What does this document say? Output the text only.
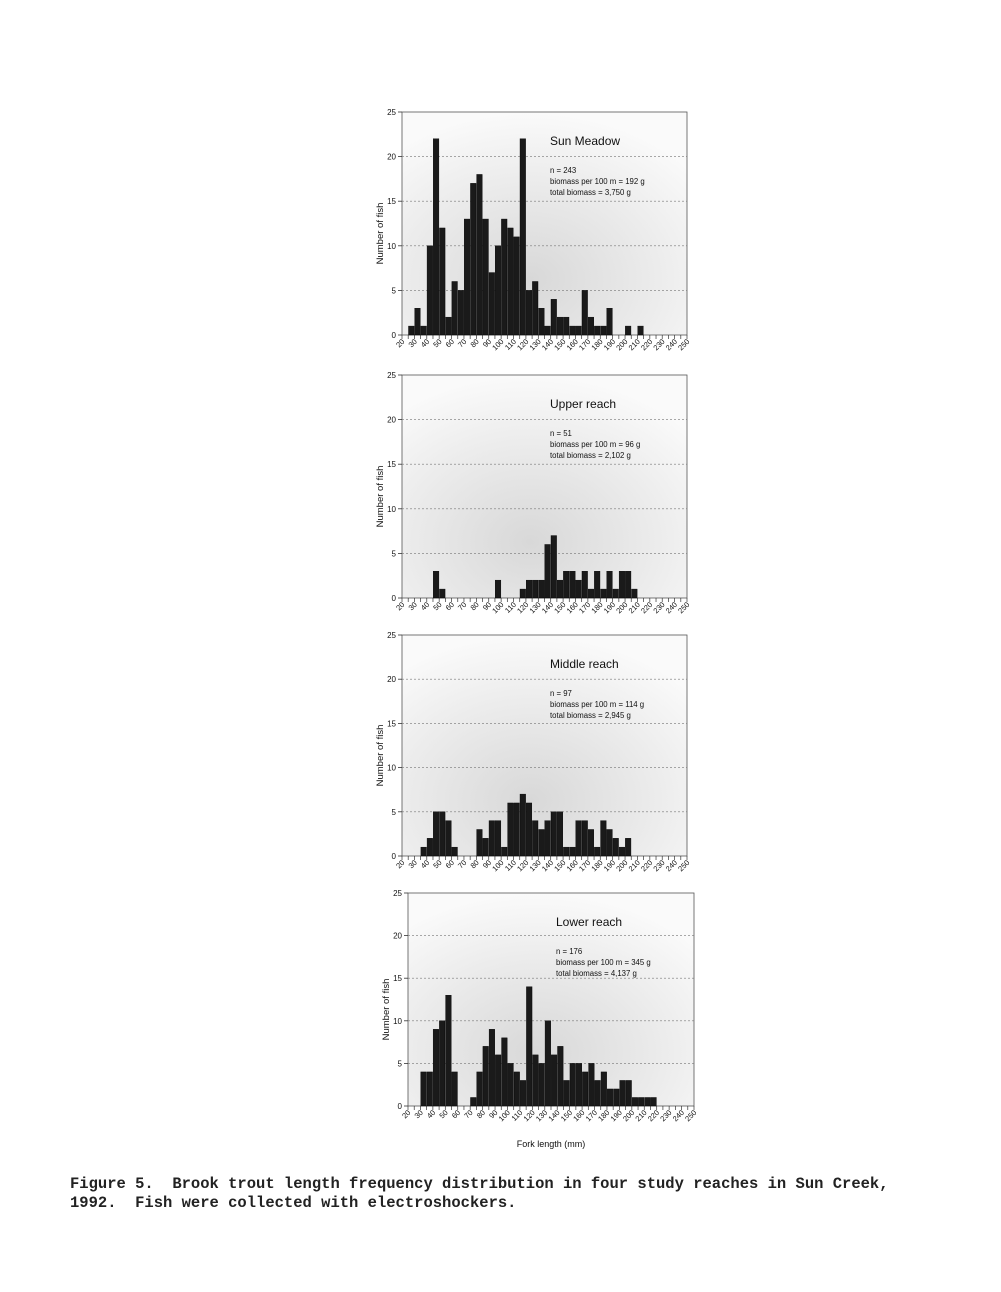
0
5
10
15
20
25
Number of fish
20 30 40 50 60 70 80 90
100
110
120
130
140
150
160
170
180
190
200
210
220
230
240
250
Sun Meadow
n = 243
biomass per 100 m = 192 g
total biomass = 3,750 g
0
5
10
15
20
25
Number of fish
20 30 40 50 60 70 80 90
100
110
120
130
140
150
160
170
180
190
200
210
220
230
240
250
Upper reach
n = 51
biomass per 100 m = 96 g
total biomass = 2,102 g
0
5
10
15
20
25
Number of fish
20 30 40 50 60 70 80 90
100
110
120
130
140
150
160
170
180
190
200
210
220
230
240
250
Middle reach
n = 97
biomass per 100 m = 114 g
total biomass = 2,945 g
0
5
10
15
20
25
Number of fish
20 30 40 50 60 70 80 90
100
110
120
130
140
150
160
170
180
190
200
210
220
230
240
250
Lower reach
n = 176
biomass per 100 m = 345 g
total biomass = 4,137 g
Fork length (mm)
Figure 5.  Brook trout length frequency distribution in four study reaches in Sun Creek,
1992.  Fish were collected with electroshockers.
